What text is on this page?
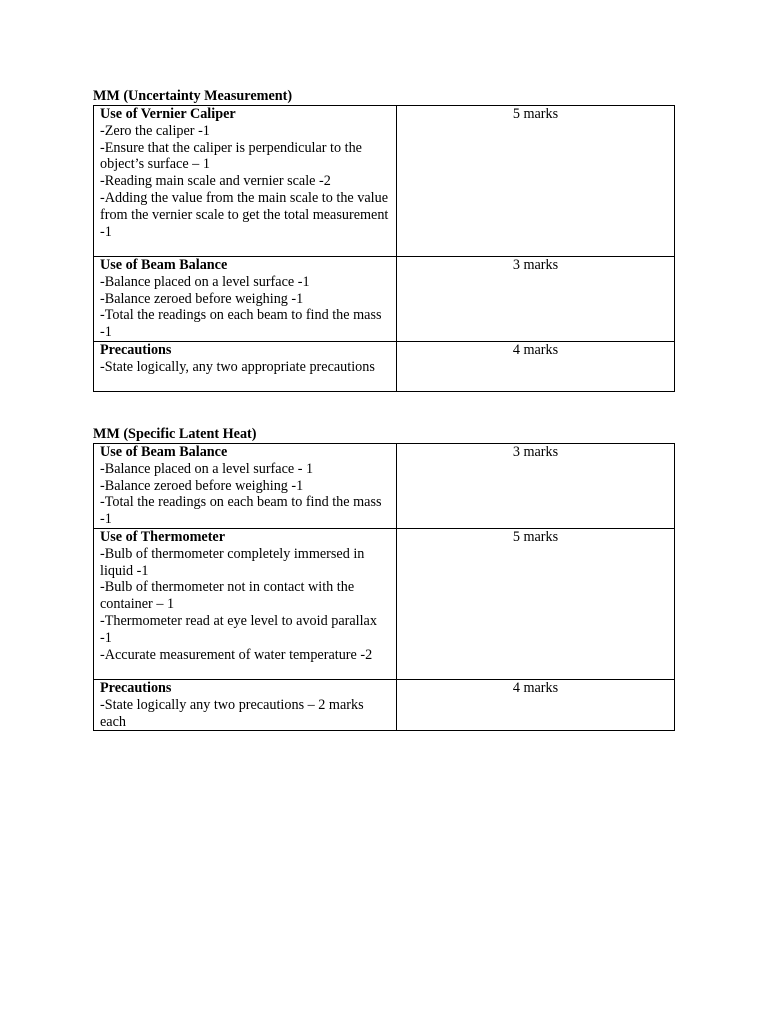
MM (Uncertainty Measurement)
Use of Vernier Caliper
-Zero the caliper -1
-Ensure that the caliper is perpendicular to the object’s surface – 1
-Reading main scale and vernier scale -2
-Adding the value from the main scale to the value from the vernier scale to get the total measurement -1	5 marks

Use of Beam Balance
-Balance placed on a level surface -1
-Balance zeroed before weighing -1
-Total the readings on each beam to find the mass -1	3 marks

Precautions
-State logically, any two appropriate precautions	4 marks
MM (Specific Latent Heat)
Use of Beam Balance
-Balance placed on a level surface - 1
-Balance zeroed before weighing -1
-Total the readings on each beam to find the mass -1	3 marks

Use of Thermometer
-Bulb of thermometer completely immersed in liquid -1
-Bulb of thermometer not in contact with the container – 1
-Thermometer read at eye level to avoid parallax -1
-Accurate measurement of water temperature -2	5 marks

Precautions
-State logically any two precautions – 2 marks each	4 marks
